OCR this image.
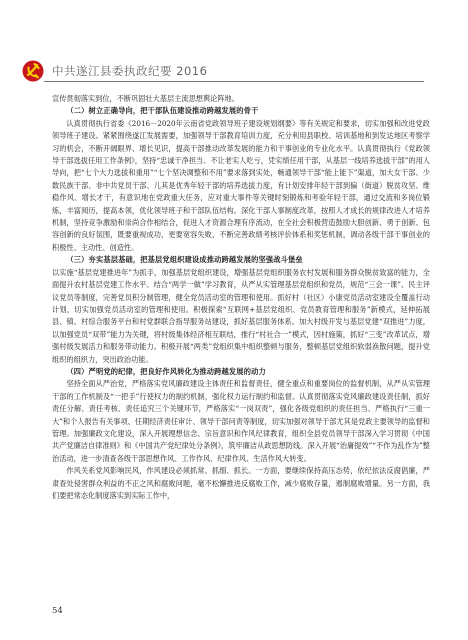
中共遂江县委执政纪要 2016

宣传贯彻落实到位，不断巩固壮大基层主流思想舆论阵地。

（二）树立正确导向，把干部队伍建设推动跨越发展的骨干

认真贯彻执行省委《2016－2020年云南省党政领导班子建设规划纲要》等有关规定和要求，切实加强和改进党政领导班子建设。紧紧围绕遂江发展需要，加强领导干部教育培训力度，充分利用县职校、培训基地和到发达地区考察学习的机会，不断开阔眼界、增长见识，提高干部推动改革发展的能力和干事创业的专业化水平。认真贯彻执行《党政领导干部选拔任用工作条例》，坚持“忠诚干净担当、不让老实人吃亏，凭实绩任用干部，从基层一线培养选拔干部”的用人导向，把“七个大力选拔和重用”“七个坚决调整和不用”要求落到实处，畅通领导干部“能上能下”渠道，加大女干部、少数民族干部、非中共党员干部、儿其是优秀年轻干部的培养选拔力度，有计划安排年轻干部到偏（街道）脱贫攻坚、维稳作风、增长才干，有意识地在党政重大任务，应对重大事件等关键时刻锻炼和考验年轻干部，通过交流和多岗位锻炼，丰富阅历，提高本领，优化领导班子和干部队伍结构。深化干部人事制度改革，按照人才成长的规律改进人才培养机制，坚持竞争激励和崇尚合作相结合，促进人才资源合理有序流动，在全社会积极营造鼓励大胆创新、勇于创新、包容创新的良好氛围，既要重视成功，更要宽容失败，不断完善政绩考核评价体系和奖惩机制，调动各级干部干事创业的积极性、主动性、创造性。

（三）夯实基层基础，把基层党组织建设成推动跨越发展的坚强战斗堡垒

以实施“基层党建推进年”为抓手，加强基层党组织建设，增强基层党组织服务农村发展和服务群众脱贫致富的能力，全面提升农村基层党建工作水平。结合“两学一做”学习教育，从严从实管理基层党组织和党员，规范“三会一课”、民主评议党员等制度，完善党员积分制管理，健全党员活动室的管理和使用。抓好村（社区）小康党员活动室建设全覆盖行动计划，切实加强党员活动室的管理和使用。积极探索“互联网+基层党组织、党员教育管理和服务”新模式，延伸拓展县、镇、村综合服务平台和村党群联合指导服务站建设，抓好基层服务体系。加大村级开发与基层党建“双推进”力度，以加强党员“双带”能力为关键，将村级集体经济相互联结，推行“村社合一”模式，因村施策，抓好“三变”改革试点，增强村级发展活力和服务带动能力。积极开展“两类”党组织集中组织整顿与服务，整顿基层党组织软弱涣散问题，提升党组织的组织力，突出政治功能。

（四）严明党的纪律，把良好作风转化为推动跨越发展的动力

坚持全面从严治党，严格落实党风廉政建设主体责任和监督责任，健全重点和重要岗位的监督机制，从严从实管理干部的工作机制及“一把手”行使权力的制约机制，强化权力运行制约和监督。认真贯彻落实党风廉政建设责任制，抓好责任分解、责任考核、责任追究三个关键环节，严格落实“一岗双责”，强化各级党组织的责任担当、严格执行“三重一大”和个人报告有关事项、任期经济责任审计、领导干部问责等制度，切实加强对领导干部尤其是党政主要领导的监督和管理。加强廉政文化建设，深入开展理想信念、宗旨意识和作风纪律教育，组织全县党员领导干部深入学习贯彻《中国共产党廉洁自律准则》和《中国共产党纪律处分条例》，筑牢廉洁从政思想防线。深入开展“治庸提效”“不作为乱作为”整治活动，进一步清查各级干部思想作风、工作作风、纪律作风、生活作风大转变。

作风关系党风影响民风，作风建设必须抓常、抓细、抓长。一方面，要继续保持高压态势，依纪依法反腐倡廉，严肃查处侵害群众利益的不正之风和腐败问题，毫不松懈推进反腐败工作，减少腐败存量，遏制腐败增量。另一方面，我们要把常态化制度落实到实际工作中，

54
